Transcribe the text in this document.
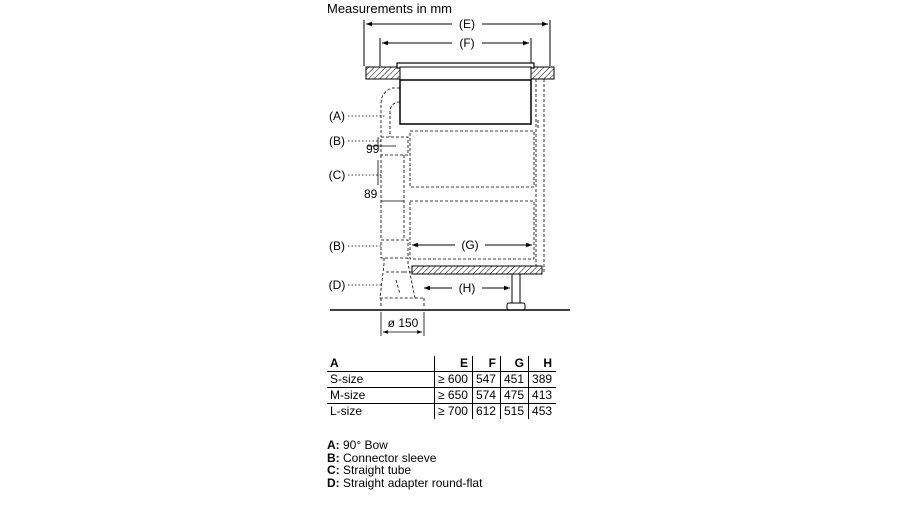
Measurements in mm
(E)
(F)
(G)
(H)
(A)
(B)
(C)
(B)
(D)
99
89
ø 150
A	E	F	G	H
S-size	≥ 600	547	451	389
M-size	≥ 650	574	475	413
L-size	≥ 700	612	515	453
A: 90° Bow
B: Connector sleeve
C: Straight tube
D: Straight adapter round-flat
